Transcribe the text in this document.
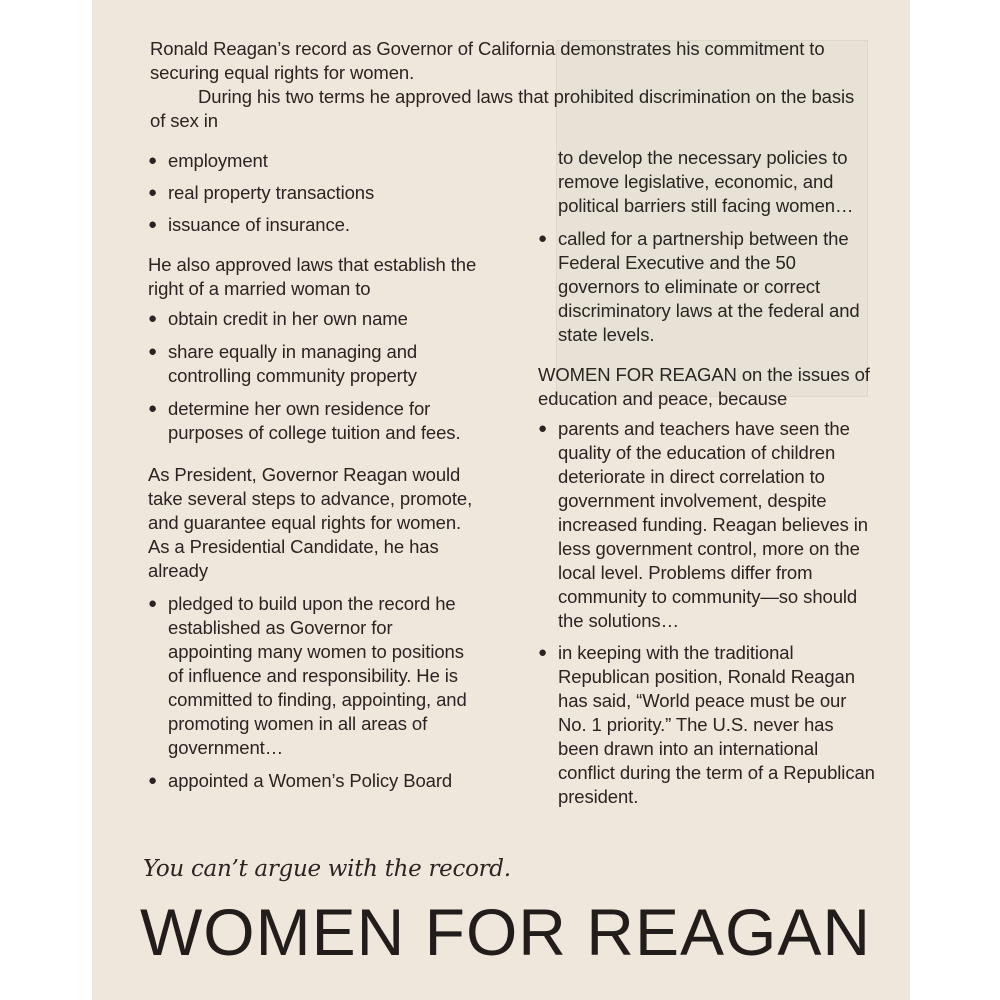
Ronald Reagan’s record as Governor of California demonstrates his commitment to securing equal rights for women.

During his two terms he approved laws that prohibited discrimination on the basis of sex in

● employment
● real property transactions
● issuance of insurance.

He also approved laws that establish the right of a married woman to

● obtain credit in her own name
● share equally in managing and controlling community property
● determine her own residence for purposes of college tuition and fees.

As President, Governor Reagan would take several steps to advance, promote, and guarantee equal rights for women. As a Presidential Candidate, he has already

● pledged to build upon the record he established as Governor for appointing many women to positions of influence and responsibility. He is committed to finding, appointing, and promoting women in all areas of government…
● appointed a Women’s Policy Board

to develop the necessary policies to remove legislative, economic, and political barriers still facing women…

● called for a partnership between the Federal Executive and the 50 governors to eliminate or correct discriminatory laws at the federal and state levels.

WOMEN FOR REAGAN on the issues of education and peace, because

● parents and teachers have seen the quality of the education of children deteriorate in direct correlation to government involvement, despite increased funding. Reagan believes in less government control, more on the local level. Problems differ from community to community—so should the solutions…
● in keeping with the traditional Republican position, Ronald Reagan has said, “World peace must be our No. 1 priority.” The U.S. never has been drawn into an international conflict during the term of a Republican president.
You can’t argue with the record.
WOMEN FOR REAGAN
